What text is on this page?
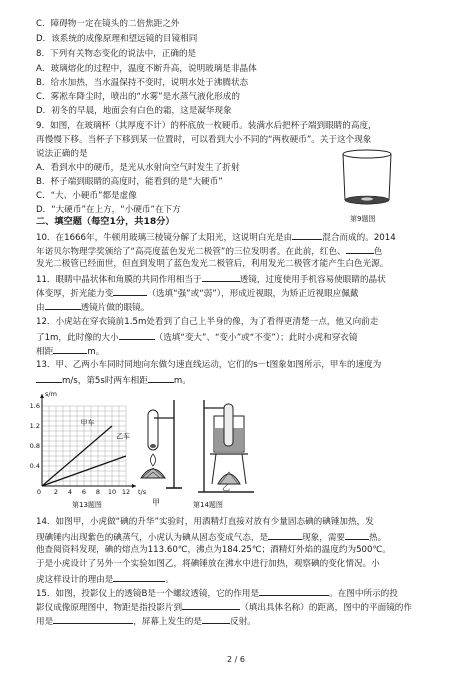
C．障碍物一定在镜头的二倍焦距之外
D．该系统的成像原理和望远镜的目镜相同
8．下列有关物态变化的说法中，正确的是
A．玻璃熔化的过程中，温度不断升高，说明玻璃是非晶体
B．给水加热，当水温保持不变时，说明水处于沸腾状态
C．雾凇车降尘时，喷出的“水雾”是水蒸气液化形成的
D．初冬的早晨，地面会有白色的霜，这是凝华现象
9．如图，在玻璃杯（其厚度不计）的杯底放一枚硬币。装满水后把杯子端到眼睛的高度，
再慢慢下移。当杯子下移到某一位置时，可以看到大小不同的“两枚硬币”。关于这个现象
说法正确的是
A．看到水中的硬币，是光从水射向空气时发生了折射
B．杯子端到眼睛的高度时，能看到的是“大硬币”
C．“大、小硬币”都是虚像
D．“大硬币”在上方，“小硬币”在下方
第9题图
二、填空题（每空1分，共18分）
10．在1666年，牛顿用玻璃三棱镜分解了太阳光，这说明白光是由	混合而成的。2014
年诺贝尔物理学奖颁给了“高亮度蓝色发光二极管”的三位发明者。在此前，红色、	色
发光二极管已经面世，但直到发明了蓝色发光二极管后，利用发光二极管才能产生白色光源。
11．眼睛中晶状体和角膜的共同作用相当于	透镜，过度使用手机容易使眼睛的晶状
体变厚，折光能力变	（选填“强”或“弱”），形成近视眼，为矫正近视眼应佩戴
由	透镜片做的眼镜。
12．小虎站在穿衣镜前1.5m处看到了自己上半身的像，为了看得更清楚一点，他又向前走
了1m，此时像的大小	（选填“变大”、“变小”或“不变”）；此时小虎和穿衣镜
相距	m。
13．甲、乙两小车同时同地向东做匀速直线运动，它们的s－t图象如图所示，甲车的速度为
m/s，第5s时两车相距	m。
0 2 4 6 8 10 12
0.4
0.8
1.2
1.6
s/m
t/s
甲车
乙车
第13题图	甲
乙
第14题图
14．如图甲，小虎做“碘的升华”实验时，用酒精灯直接对放有少量固态碘的碘锤加热，发
现碘锤内出现紫色的碘蒸气，小虎认为碘从固态变成气态，是	现象，需要	热。
他查阅资料发现，碘的熔点为113.60℃，沸点为184.25℃；酒精灯外焰的温度约为500℃。
于是小虎设计了另外一个实验如图乙，将碘锤放在沸水中进行加热，观察碘的变化情况。小
虎这样设计的理由是	。
15．如图，投影仪上的透镜B是一个螺纹透镜，它的作用是	。在图中所示的投
影仪成像原理图中，物距是指投影片到	（填出具体名称）的距离，图中的平面镜的作
用是	，屏幕上发生的是	反射。
2 / 6
